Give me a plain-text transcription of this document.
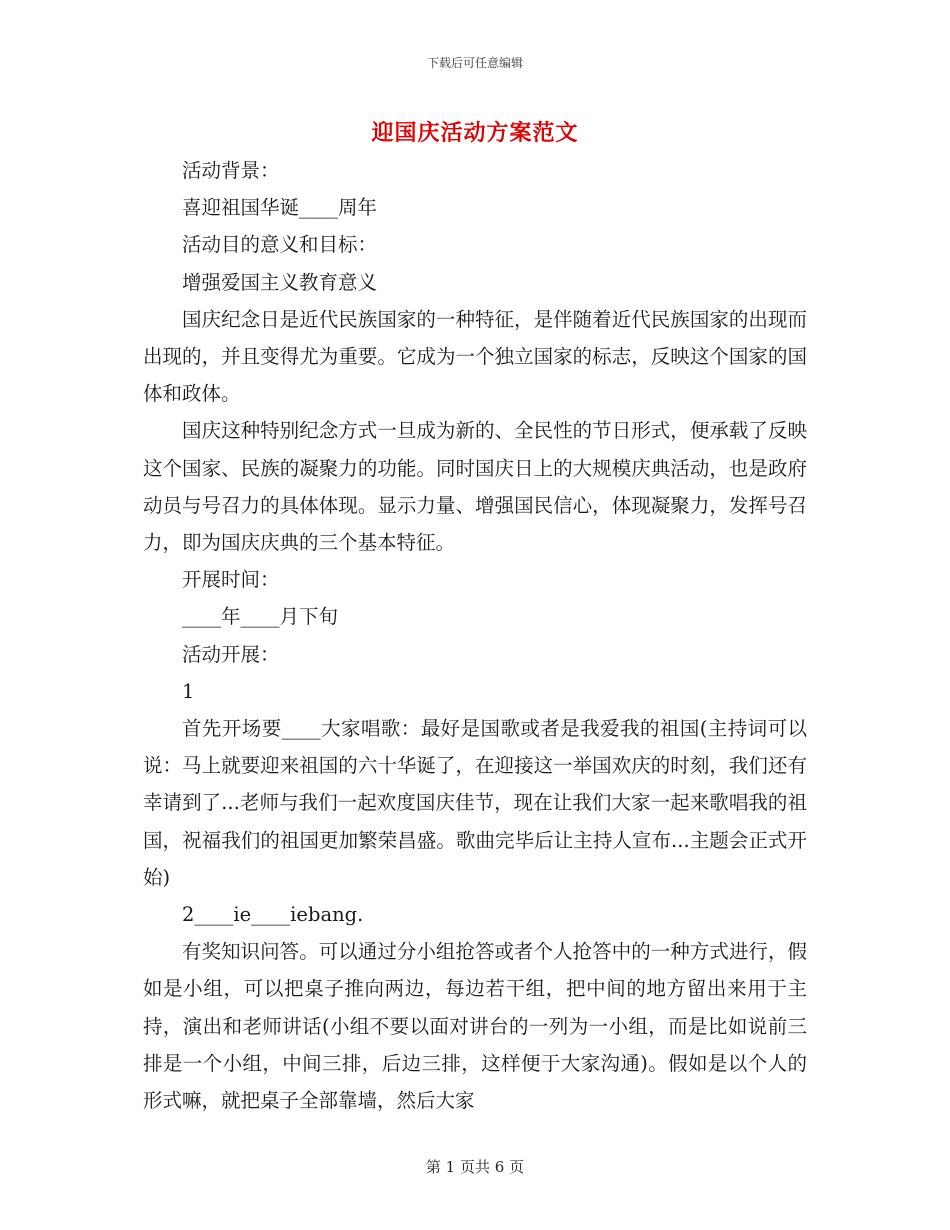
下载后可任意编辑
迎国庆活动方案范文

活动背景：

喜迎祖国华诞____周年

活动目的意义和目标：

增强爱国主义教育意义

国庆纪念日是近代民族国家的一种特征，是伴随着近代民族国家的出现而出现的，并且变得尤为重要。它成为一个独立国家的标志，反映这个国家的国体和政体。

国庆这种特别纪念方式一旦成为新的、全民性的节日形式，便承载了反映这个国家、民族的凝聚力的功能。同时国庆日上的大规模庆典活动，也是政府动员与号召力的具体体现。显示力量、增强国民信心，体现凝聚力，发挥号召力，即为国庆庆典的三个基本特征。

开展时间：

____年____月下旬

活动开展：

1

首先开场要____大家唱歌：最好是国歌或者是我爱我的祖国(主持词可以说：马上就要迎来祖国的六十华诞了，在迎接这一举国欢庆的时刻，我们还有幸请到了...老师与我们一起欢度国庆佳节，现在让我们大家一起来歌唱我的祖国，祝福我们的祖国更加繁荣昌盛。歌曲完毕后让主持人宣布...主题会正式开始)

2____ie____iebang.

有奖知识问答。可以通过分小组抢答或者个人抢答中的一种方式进行，假如是小组，可以把桌子推向两边，每边若干组，把中间的地方留出来用于主持，演出和老师讲话(小组不要以面对讲台的一列为一小组，而是比如说前三排是一个小组，中间三排，后边三排，这样便于大家沟通)。假如是以个人的形式嘛，就把桌子全部靠墙，然后大家

第 1 页共 6 页
